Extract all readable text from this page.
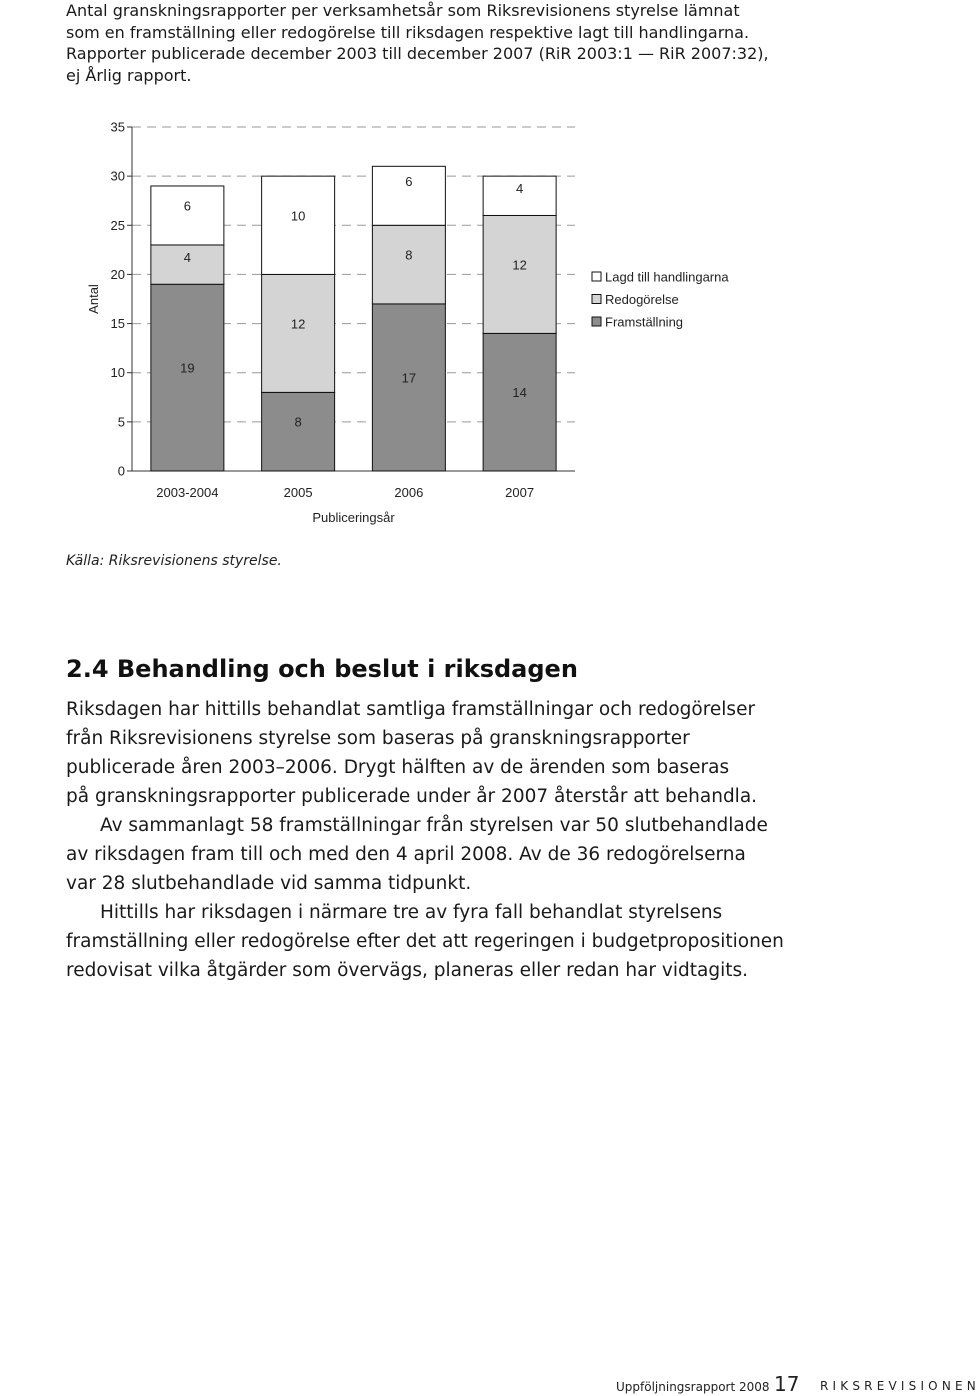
Antal granskningsrapporter per verksamhetsår som Riksrevisionens styrelse lämnat
som en framställning eller redogörelse till riksdagen respektive lagt till handlingarna.
Rapporter publicerade december 2003 till december 2007 (RiR 2003:1 — RiR 2007:32),
ej Årlig rapport.
0
5
10
15
20
25
30
35
19
4
6
2003-2004
8
12
10
2005
17
8
6
2006
14
12
4
2007
Publiceringsår
Antal
Lagd till handlingarna
Redogörelse
Framställning
Källa: Riksrevisionens styrelse.
2.4 Behandling och beslut i riksdagen
Riksdagen har hittills behandlat samtliga framställningar och redogörelser
från Riksrevisionens styrelse som baseras på granskningsrapporter
publicerade åren 2003–2006. Drygt hälften av de ärenden som baseras
på granskningsrapporter publicerade under år 2007 återstår att behandla.
Av sammanlagt 58 framställningar från styrelsen var 50 slutbehandlade
av riksdagen fram till och med den 4 april 2008. Av de 36 redogörelserna
var 28 slutbehandlade vid samma tidpunkt.
Hittills har riksdagen i närmare tre av fyra fall behandlat styrelsens
framställning eller redogörelse efter det att regeringen i budgetpropositionen
redovisat vilka åtgärder som övervägs, planeras eller redan har vidtagits.
Uppföljningsrapport 2008 17 RIKSREVISIONEN
